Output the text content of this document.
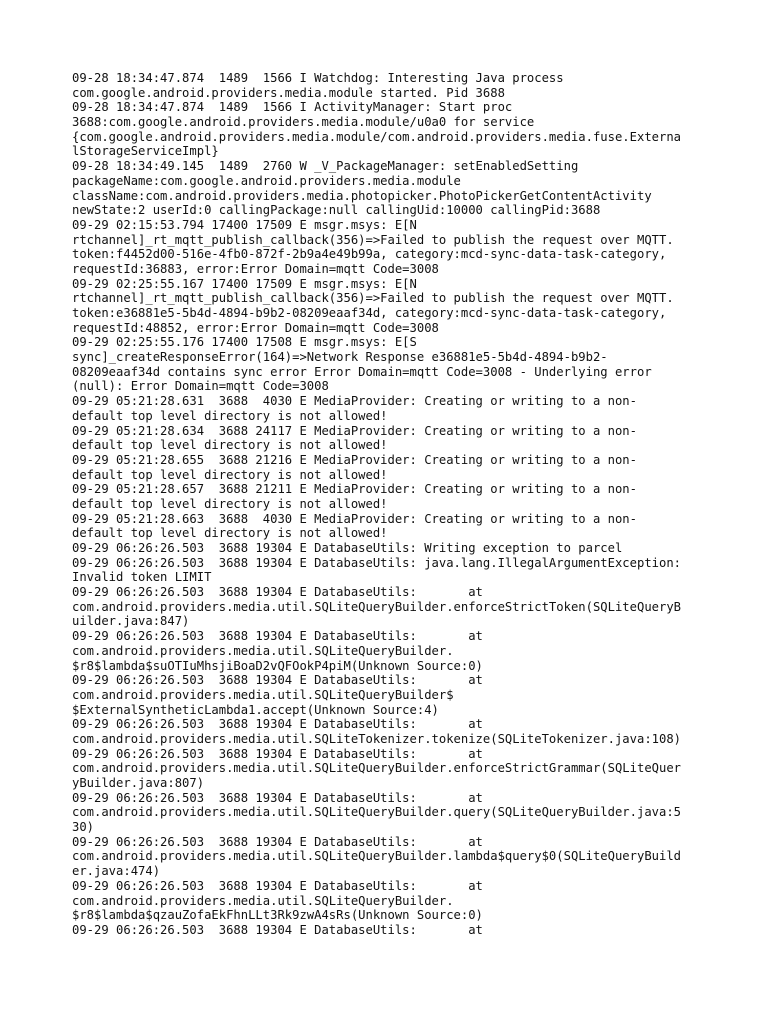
09-28 18:34:47.874  1489  1566 I Watchdog: Interesting Java process
com.google.android.providers.media.module started. Pid 3688
09-28 18:34:47.874  1489  1566 I ActivityManager: Start proc
3688:com.google.android.providers.media.module/u0a0 for service
{com.google.android.providers.media.module/com.android.providers.media.fuse.Externa
lStorageServiceImpl}
09-28 18:34:49.145  1489  2760 W _V_PackageManager: setEnabledSetting
packageName:com.google.android.providers.media.module
className:com.android.providers.media.photopicker.PhotoPickerGetContentActivity
newState:2 userId:0 callingPackage:null callingUid:10000 callingPid:3688
09-29 02:15:53.794 17400 17509 E msgr.msys: E[N
rtchannel]_rt_mqtt_publish_callback(356)=>Failed to publish the request over MQTT.
token:f4452d00-516e-4fb0-872f-2b9a4e49b99a, category:mcd-sync-data-task-category,
requestId:36883, error:Error Domain=mqtt Code=3008
09-29 02:25:55.167 17400 17509 E msgr.msys: E[N
rtchannel]_rt_mqtt_publish_callback(356)=>Failed to publish the request over MQTT.
token:e36881e5-5b4d-4894-b9b2-08209eaaf34d, category:mcd-sync-data-task-category,
requestId:48852, error:Error Domain=mqtt Code=3008
09-29 02:25:55.176 17400 17508 E msgr.msys: E[S
sync]_createResponseError(164)=>Network Response e36881e5-5b4d-4894-b9b2-
08209eaaf34d contains sync error Error Domain=mqtt Code=3008 - Underlying error
(null): Error Domain=mqtt Code=3008
09-29 05:21:28.631  3688  4030 E MediaProvider: Creating or writing to a non-
default top level directory is not allowed!
09-29 05:21:28.634  3688 24117 E MediaProvider: Creating or writing to a non-
default top level directory is not allowed!
09-29 05:21:28.655  3688 21216 E MediaProvider: Creating or writing to a non-
default top level directory is not allowed!
09-29 05:21:28.657  3688 21211 E MediaProvider: Creating or writing to a non-
default top level directory is not allowed!
09-29 05:21:28.663  3688  4030 E MediaProvider: Creating or writing to a non-
default top level directory is not allowed!
09-29 06:26:26.503  3688 19304 E DatabaseUtils: Writing exception to parcel
09-29 06:26:26.503  3688 19304 E DatabaseUtils: java.lang.IllegalArgumentException:
Invalid token LIMIT
09-29 06:26:26.503  3688 19304 E DatabaseUtils:       at
com.android.providers.media.util.SQLiteQueryBuilder.enforceStrictToken(SQLiteQueryB
uilder.java:847)
09-29 06:26:26.503  3688 19304 E DatabaseUtils:       at
com.android.providers.media.util.SQLiteQueryBuilder.
$r8$lambda$suOTIuMhsjiBoaD2vQFOokP4piM(Unknown Source:0)
09-29 06:26:26.503  3688 19304 E DatabaseUtils:       at
com.android.providers.media.util.SQLiteQueryBuilder$
$ExternalSyntheticLambda1.accept(Unknown Source:4)
09-29 06:26:26.503  3688 19304 E DatabaseUtils:       at
com.android.providers.media.util.SQLiteTokenizer.tokenize(SQLiteTokenizer.java:108)
09-29 06:26:26.503  3688 19304 E DatabaseUtils:       at
com.android.providers.media.util.SQLiteQueryBuilder.enforceStrictGrammar(SQLiteQuer
yBuilder.java:807)
09-29 06:26:26.503  3688 19304 E DatabaseUtils:       at
com.android.providers.media.util.SQLiteQueryBuilder.query(SQLiteQueryBuilder.java:5
30)
09-29 06:26:26.503  3688 19304 E DatabaseUtils:       at
com.android.providers.media.util.SQLiteQueryBuilder.lambda$query$0(SQLiteQueryBuild
er.java:474)
09-29 06:26:26.503  3688 19304 E DatabaseUtils:       at
com.android.providers.media.util.SQLiteQueryBuilder.
$r8$lambda$qzauZofaEkFhnLLt3Rk9zwA4sRs(Unknown Source:0)
09-29 06:26:26.503  3688 19304 E DatabaseUtils:       at
